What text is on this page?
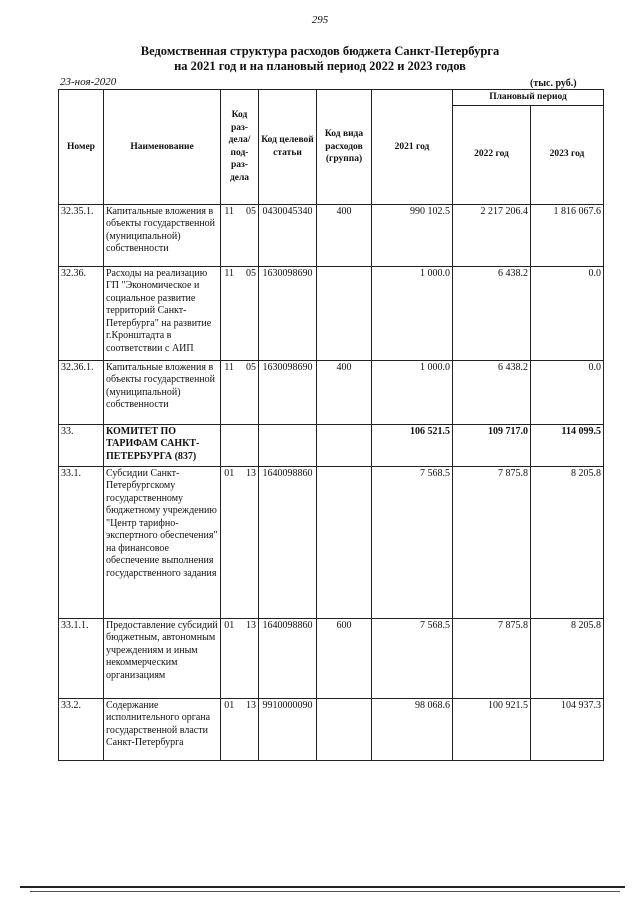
295
Ведомственная структура расходов бюджета Санкт-Петербурга
на 2021 год и на плановый период 2022 и 2023 годов
23-ноя-2020	(тыс. руб.)
Номер	Наименование	Код раз- дела/ под- раз- дела		Код целевой статьи	Код вида расходов (группа)	2021 год	Плановый период	
							2022 год	2023 год
32.35.1.	Капитальные вложения в объекты государственной (муниципальной) собственности	11	05	0430045340	400	990 102.5	2 217 206.4	1 816 067.6
32.36.	Расходы на реализацию ГП "Экономическое и социальное развитие территорий Санкт-Петербурга" на развитие г.Кронштадта в соответствии с АИП	11	05	1630098690		1 000.0	6 438.2	0.0
32.36.1.	Капитальные вложения в объекты государственной (муниципальной) собственности	11	05	1630098690	400	1 000.0	6 438.2	0.0
33.	КОМИТЕТ ПО ТАРИФАМ САНКТ-ПЕТЕРБУРГА (837)					106 521.5	109 717.0	114 099.5
33.1.	Субсидии Санкт-Петербургскому государственному бюджетному учреждению "Центр тарифно-экспертного обеспечения" на финансовое обеспечение выполнения государственного задания	01	13	1640098860		7 568.5	7 875.8	8 205.8
33.1.1.	Предоставление субсидий бюджетным, автономным учреждениям и иным некоммерческим организациям	01	13	1640098860	600	7 568.5	7 875.8	8 205.8
33.2.	Содержание исполнительного органа государственной власти Санкт-Петербурга	01	13	9910000090		98 068.6	100 921.5	104 937.3
